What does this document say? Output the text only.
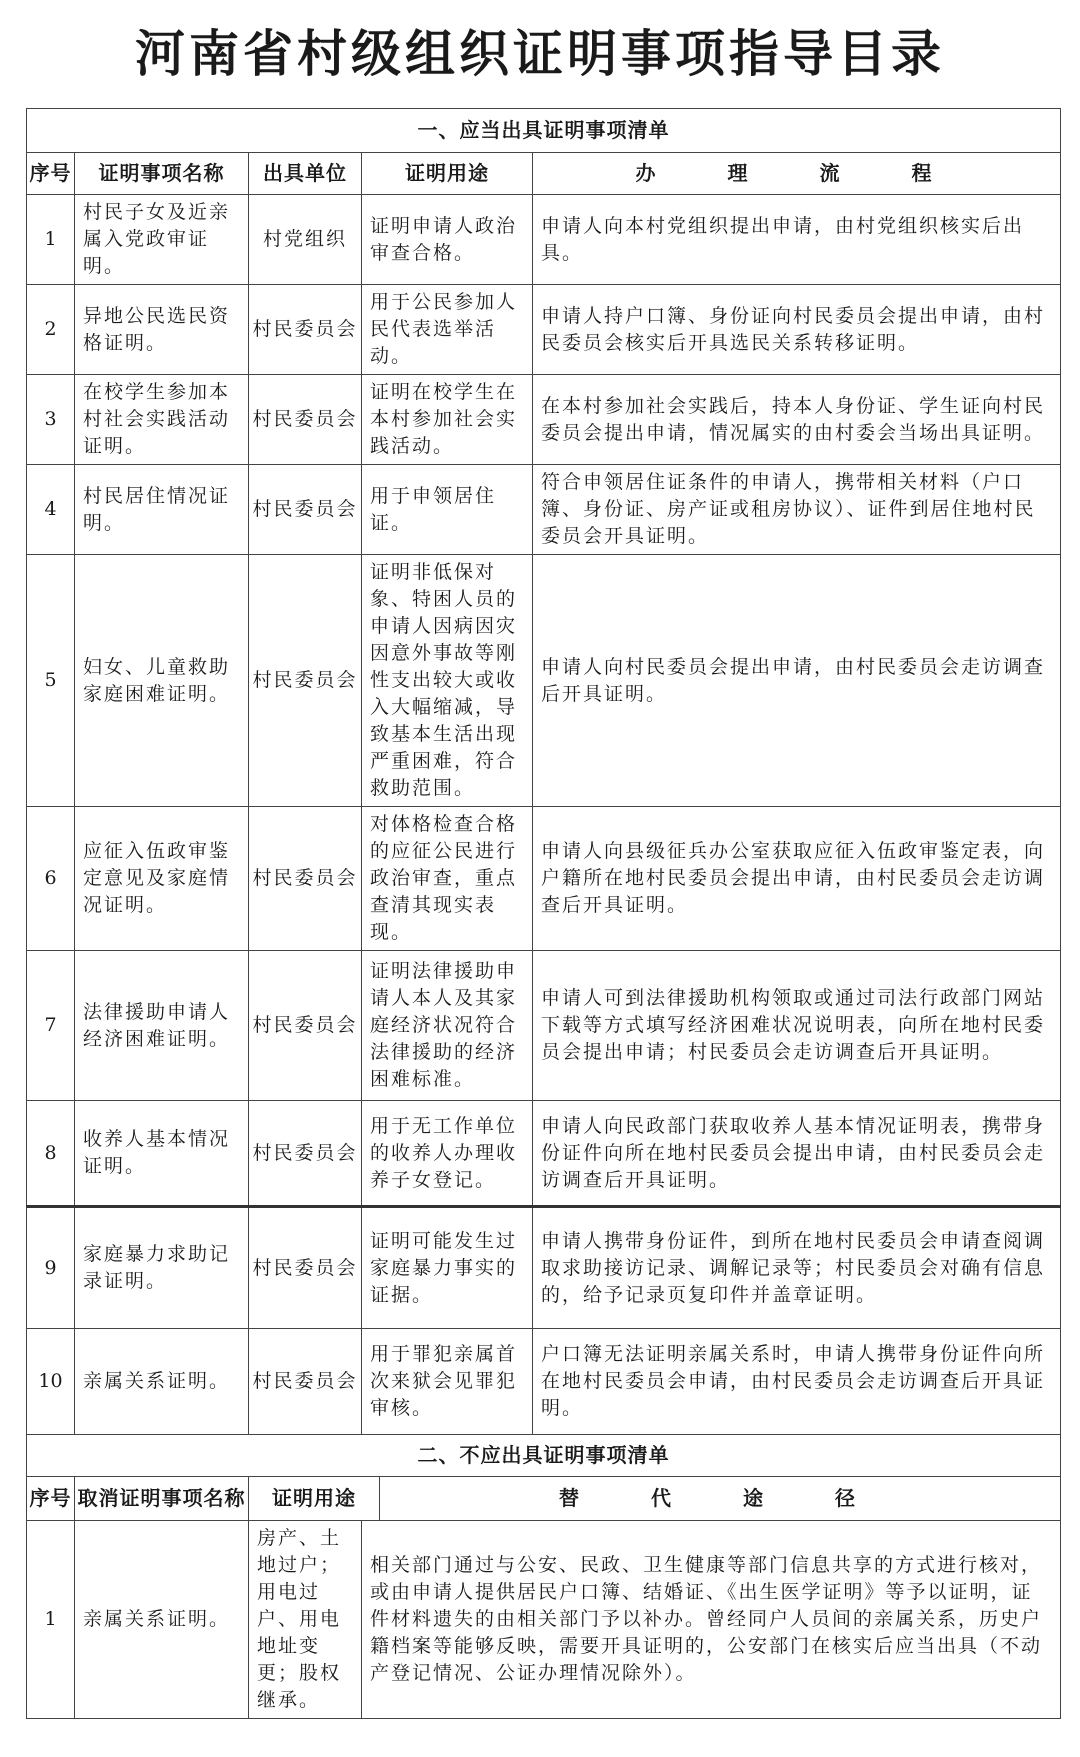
河南省村级组织证明事项指导目录
一、应当出具证明事项清单					
序号	证明事项名称	出具单位	证明用途		办　理　流　程
1	村民子女及近亲属入党政审证明。	村党组织	证明申请人政治审查合格。		申请人向本村党组织提出申请，由村党组织核实后出具。
2	异地公民选民资格证明。	村民委员会	用于公民参加人民代表选举活动。		申请人持户口簿、身份证向村民委员会提出申请，由村民委员会核实后开具选民关系转移证明。
3	在校学生参加本村社会实践活动证明。	村民委员会	证明在校学生在本村参加社会实践活动。		在本村参加社会实践后，持本人身份证、学生证向村民委员会提出申请，情况属实的由村委会当场出具证明。
4	村民居住情况证明。	村民委员会	用于申领居住证。		符合申领居住证条件的申请人，携带相关材料（户口簿、身份证、房产证或租房协议）、证件到居住地村民委员会开具证明。
5	妇女、儿童救助家庭困难证明。	村民委员会	证明非低保对象、特困人员的申请人因病因灾因意外事故等刚性支出较大或收入大幅缩减，导致基本生活出现严重困难，符合救助范围。		申请人向村民委员会提出申请，由村民委员会走访调查后开具证明。
6	应征入伍政审鉴定意见及家庭情况证明。	村民委员会	对体格检查合格的应征公民进行政治审查，重点查清其现实表现。		申请人向县级征兵办公室获取应征入伍政审鉴定表，向户籍所在地村民委员会提出申请，由村民委员会走访调查后开具证明。
7	法律援助申请人经济困难证明。	村民委员会	证明法律援助申请人本人及其家庭经济状况符合法律援助的经济困难标准。		申请人可到法律援助机构领取或通过司法行政部门网站下载等方式填写经济困难状况说明表，向所在地村民委员会提出申请；村民委员会走访调查后开具证明。
8	收养人基本情况证明。	村民委员会	用于无工作单位的收养人办理收养子女登记。		申请人向民政部门获取收养人基本情况证明表，携带身份证件向所在地村民委员会提出申请，由村民委员会走访调查后开具证明。
9	家庭暴力求助记录证明。	村民委员会	证明可能发生过家庭暴力事实的证据。		申请人携带身份证件，到所在地村民委员会申请查阅调取求助接访记录、调解记录等；村民委员会对确有信息的，给予记录页复印件并盖章证明。
10	亲属关系证明。	村民委员会	用于罪犯亲属首次来狱会见罪犯审核。		户口簿无法证明亲属关系时，申请人携带身份证件向所在地村民委员会申请，由村民委员会走访调查后开具证明。
二、不应出具证明事项清单					
序号	取消证明事项名称	证明用途		替　代　途　径	
1	亲属关系证明。	房产、土地过户；用电过户、用电地址变更；股权继承。	相关部门通过与公安、民政、卫生健康等部门信息共享的方式进行核对，或由申请人提供居民户口簿、结婚证、《出生医学证明》等予以证明，证件材料遗失的由相关部门予以补办。曾经同户人员间的亲属关系，历史户籍档案等能够反映，需要开具证明的，公安部门在核实后应当出具（不动产登记情况、公证办理情况除外）。		
